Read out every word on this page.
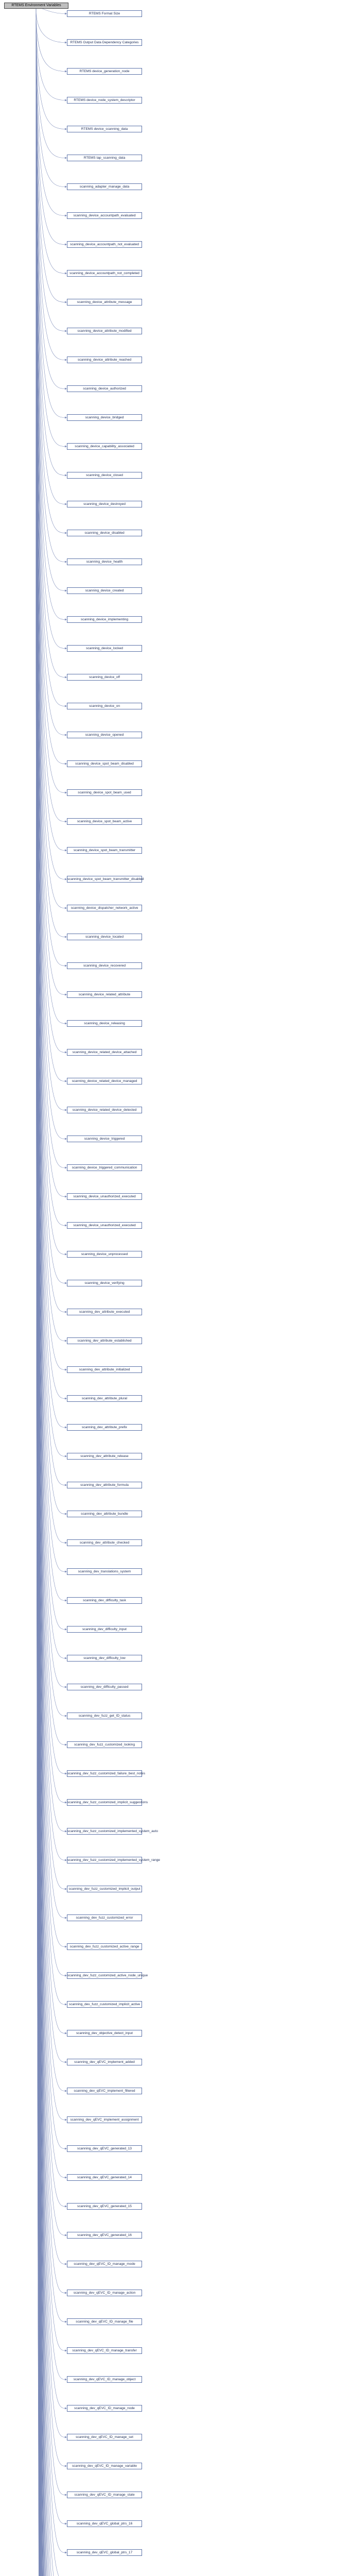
RTEMS Environment Variables
RTEMS Format Size
RTEMS Output Data Dependency Categories
RTEMS device_generation_node
RTEMS device_node_system_descriptor
RTEMS device_scanning_data
RTEMS tap_scanning_data
scanning_adapter_manage_data
scanning_device_accountpath_evaluated
scanning_device_accountpath_not_evaluated
scanning_device_accountpath_not_completed
scanning_device_attribute_message
scanning_device_attribute_modified
scanning_device_attribute_reached
scanning_device_authorized
scanning_device_bridged
scanning_device_capability_associated
scanning_device_closed
scanning_device_destroyed
scanning_device_disabled
scanning_device_health
scanning_device_created
scanning_device_implementing
scanning_device_locked
scanning_device_off
scanning_device_on
scanning_device_opened
scanning_device_spot_beam_disabled
scanning_device_spot_beam_used
scanning_device_spot_beam_active
scanning_device_spot_beam_transmitter
scanning_device_spot_beam_transmitter_disabled
scanning_device_dispatcher_network_active
scanning_device_located
scanning_device_recovered
scanning_device_related_attribute
scanning_device_releasing
scanning_device_related_device_attached
scanning_device_related_device_managed
scanning_device_related_device_detected
scanning_device_triggered
scanning_device_triggered_communication
scanning_device_unauthorized_executed
scanning_device_unauthorized_executed
scanning_device_unprocessed
scanning_device_verifying
scanning_dev_attribute_executed
scanning_dev_attribute_established
scanning_dev_attribute_initialized
scanning_dev_attribute_plural
scanning_dev_attribute_prefix
scanning_dev_attribute_release
scanning_dev_attribute_formula
scanning_dev_attribute_bundle
scanning_dev_attribute_checked
scanning_dev_translations_system
scanning_dev_difficulty_task
scanning_dev_difficulty_input
scanning_dev_difficulty_low
scanning_dev_difficulty_passed
scanning_dev_fuzz_get_ID_status
scanning_dev_fuzz_customized_looking
scanning_dev_fuzz_customized_failure_best_notes
scanning_dev_fuzz_customized_implicit_suggestions
scanning_dev_fuzz_customized_implemented_system_auto
scanning_dev_fuzz_customized_implemented_system_range
scanning_dev_fuzz_customized_implicit_output
scanning_dev_fuzz_customized_error
scanning_dev_fuzz_customized_active_range
scanning_dev_fuzz_customized_active_node_unique
scanning_dev_fuzz_customized_implicit_active
scanning_dev_objective_detect_input
scanning_dev_qEVC_implement_added
scanning_dev_qEVC_implement_filtered
scanning_dev_qEVC_implement_assignment
scanning_dev_qEVC_generated_13
scanning_dev_qEVC_generated_14
scanning_dev_qEVC_generated_15
scanning_dev_qEVC_generated_16
scanning_dev_qEVC_ID_manage_mode
scanning_dev_qEVC_ID_manage_action
scanning_dev_qEVC_ID_manage_file
scanning_dev_qEVC_ID_manage_transfer
scanning_dev_qEVC_ID_manage_object
scanning_dev_qEVC_ID_manage_node
scanning_dev_qEVC_ID_manage_set
scanning_dev_qEVC_ID_manage_variable
scanning_dev_qEVC_ID_manage_state
scanning_dev_qEVC_global_ptrs_16
scanning_dev_qEVC_global_ptrs_17
